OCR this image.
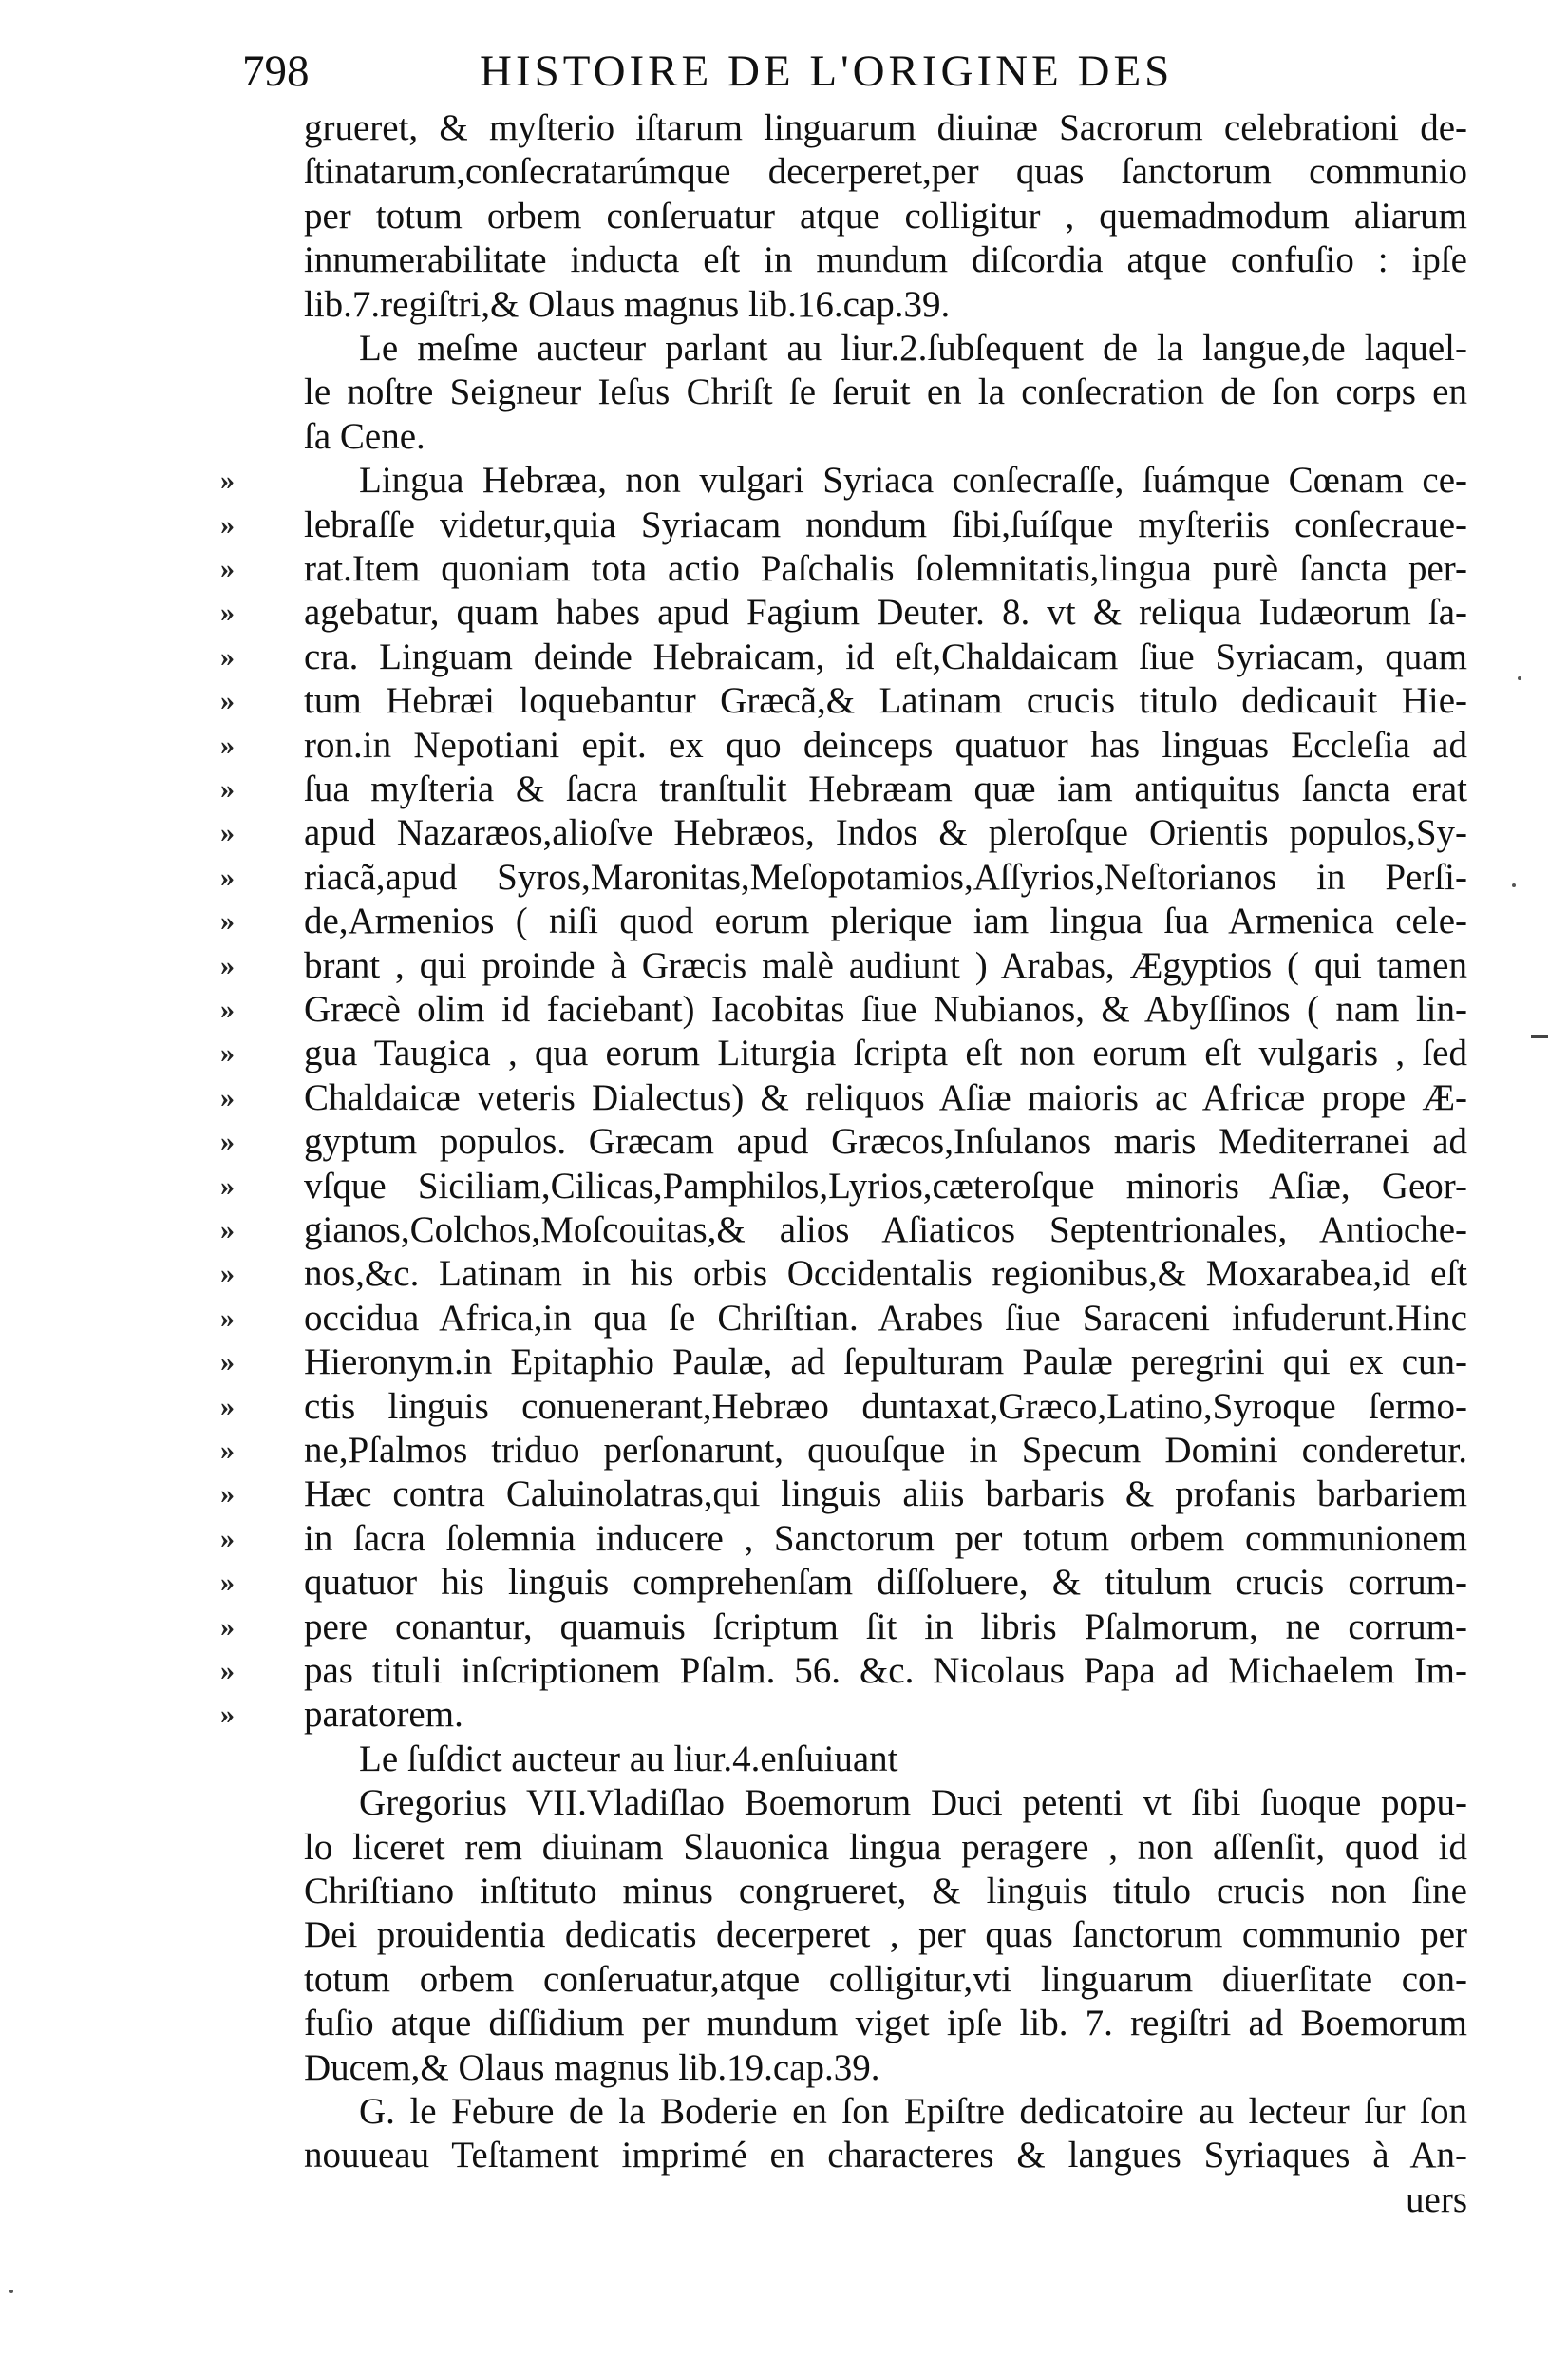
798	HISTOIRE DE L'ORIGINE DES
grueret, & myſterio iſtarum linguarum diuinæ Sacrorum celebrationi de-
ſtinatarum,conſecratarúmque decerperet,per quas ſanctorum communio
per totum orbem conſeruatur atque colligitur , quemadmodum aliarum
innumerabilitate inducta eſt in mundum diſcordia atque confuſio : ipſe
lib.7.regiſtri,& Olaus magnus lib.16.cap.39.
Le meſme aucteur parlant au liur.2.ſubſequent de la langue,de laquel-
le noſtre Seigneur Ieſus Chriſt ſe ſeruit en la conſecration de ſon corps en
ſa Cene.
»	Lingua Hebræa, non vulgari Syriaca conſecraſſe, ſuámque Cœnam ce-
»	lebraſſe videtur,quia Syriacam nondum ſibi,ſuíſque myſteriis conſecrauе-
»	rat.Item quoniam tota actio Paſchalis ſolemnitatis,lingua purè ſancta per-
»	agebatur, quam habes apud Fagium Deuter. 8. vt & reliqua Iudæorum ſa-
»	cra. Linguam deinde Hebraicam, id eſt,Chaldaicam ſiue Syriacam, quam
»	tum Hebræi loquebantur Græcã,& Latinam crucis titulo dedicauit Hie-
»	ron.in Nepotiani epit. ex quo deinceps quatuor has linguas Eccleſia ad
»	ſua myſteria & ſacra tranſtulit Hebræam quæ iam antiquitus ſancta erat
»	apud Nazaræos,alioſve Hebræos, Indos & pleroſque Orientis populos,Sy-
»	riacã,apud Syros,Maronitas,Meſopotamios,Aſſyrios,Neſtorianos in Perſi-
»	de,Armenios ( niſi quod eorum plerique iam lingua ſua Armenica cele-
»	brant , qui proinde à Græcis malè audiunt ) Arabas, Ægyptios ( qui tamen
»	Græcè olim id faciebant) Iacobitas ſiue Nubianos, & Abyſſinos ( nam lin-
»	gua Taugica , qua eorum Liturgia ſcripta eſt non eorum eſt vulgaris , ſed
»	Chaldaicæ veteris Dialectus) & reliquos Aſiæ maioris ac Africæ prope Æ-
»	gyptum populos. Græcam apud Græcos,Inſulanos maris Mediterranei ad
»	vſque Siciliam,Cilicas,Pamphilos,Lyrios,cæteroſque minoris Aſiæ, Geor-
»	gianos,Colchos,Moſcouitas,& alios Aſiaticos Septentrionales, Antioche-
»	nos,&c. Latinam in his orbis Occidentalis regionibus,& Moxarabea,id eſt
»	occidua Africa,in qua ſe Chriſtian. Arabes ſiue Saraceni infuderunt.Hinc
»	Hieronym.in Epitaphio Paulæ, ad ſepulturam Paulæ peregrini qui ex cun-
»	ctis linguis conuenerant,Hebræo duntaxat,Græco,Latino,Syroque ſermo-
»	ne,Pſalmos triduo perſonarunt, quouſque in Specum Domini conderetur.
»	Hæc contra Caluinolatras,qui linguis aliis barbaris & profanis barbariem
»	in ſacra ſolemnia inducere , Sanctorum per totum orbem communionem
»	quatuor his linguis comprehenſam diſſoluere, & titulum crucis corrum-
»	pere conantur, quamuis ſcriptum ſit in libris Pſalmorum, ne corrum-
»	pas tituli inſcriptionem Pſalm. 56. &c. Nicolaus Papa ad Michaelem Im-
»	paratorem.
Le ſuſdict aucteur au liur.4.enſuiuant
Gregorius VII.Vladiſlao Boemorum Duci petenti vt ſibi ſuoque popu-
lo liceret rem diuinam Slauonica lingua peragere , non aſſenſit, quod id
Chriſtiano inſtituto minus congrueret, & linguis titulo crucis non ſine
Dei prouidentia dedicatis decerperet , per quas ſanctorum communio per
totum orbem conſeruatur,atque colligitur,vti linguarum diuerſitate con-
fuſio atque diſſidium per mundum viget ipſe lib. 7. regiſtri ad Boemorum
Ducem,& Olaus magnus lib.19.cap.39.
G. le Febure de la Boderie en ſon Epiſtre dedicatoire au lecteur ſur ſon
nouueau Teſtament imprimé en characteres & langues Syriaques à An-
uers
